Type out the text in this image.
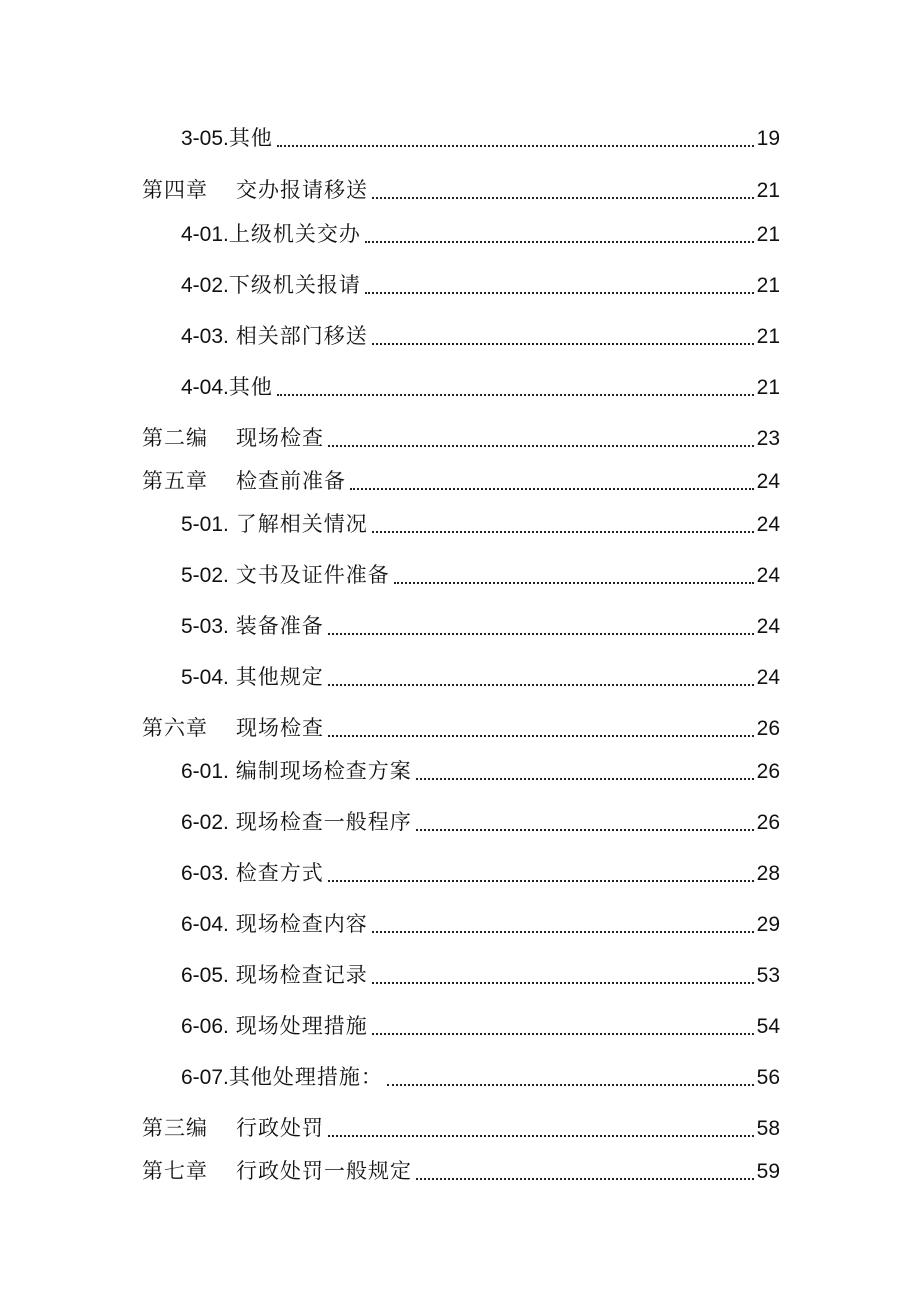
3-05.其他	19
第四章 交办报请移送	21
4-01.上级机关交办	21
4-02.下级机关报请	21
4-03. 相关部门移送	21
4-04.其他	21
第二编 现场检查	23
第五章 检查前准备	24
5-01. 了解相关情况	24
5-02. 文书及证件准备	24
5-03. 装备准备	24
5-04. 其他规定	24
第六章 现场检查	26
6-01. 编制现场检查方案	26
6-02. 现场检查一般程序	26
6-03. 检查方式	28
6-04. 现场检查内容	29
6-05. 现场检查记录	53
6-06. 现场处理措施	54
6-07.其他处理措施：	56
第三编 行政处罚	58
第七章 行政处罚一般规定	59
